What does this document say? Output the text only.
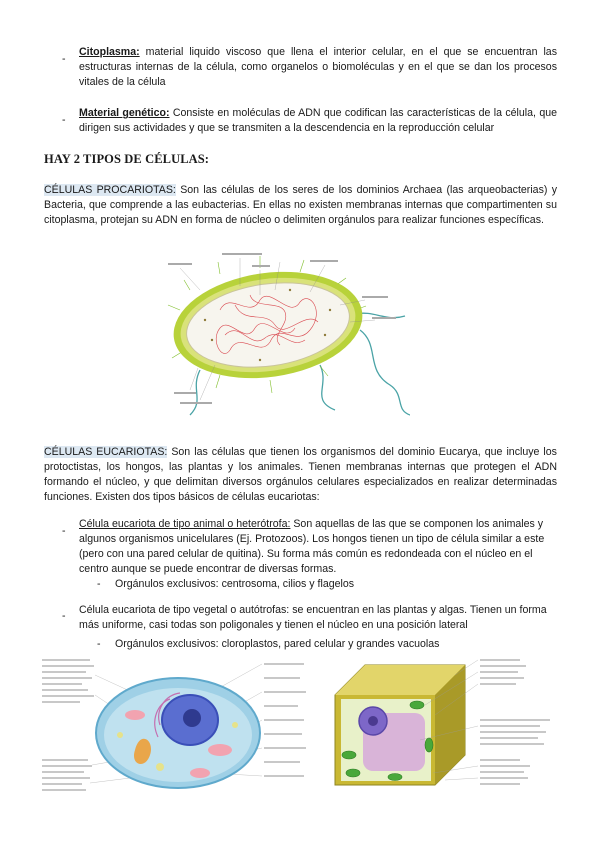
-

Citoplasma: material liquido viscoso que llena el interior celular, en el que se encuentran las estructuras internas de la célula, como organelos o biomoléculas y en el que se dan los procesos vitales de la célula

-

Material genético: Consiste en moléculas de ADN que codifican las características de la célula, que dirigen sus actividades y que se transmiten a la descendencia en la reproducción celular

HAY 2 TIPOS DE CÉLULAS:

CÉLULAS PROCARIOTAS: Son las células de los seres de los dominios Archaea (las arqueobacterias) y Bacteria, que comprende a las eubacterias. En ellas no existen membranas internas que compartimenten su citoplasma, protejan su ADN en forma de núcleo o delimiten orgánulos para realizar funciones específicas.

CÉLULAS EUCARIOTAS: Son las células que tienen los organismos del dominio Eucarya, que incluye los protoctistas, los hongos, las plantas y los animales. Tienen membranas internas que protegen el ADN formando el núcleo, y que delimitan diversos orgánulos celulares especializados en realizar determinadas funciones. Existen dos tipos básicos de células eucariotas:

-

Célula eucariota de tipo animal o heterótrofa: Son aquellas de las que se componen los animales y algunos organismos unicelulares (Ej. Protozoos). Los hongos tienen un tipo de célula similar a este (pero con una pared celular de quitina). Su forma más común es redondeada con el núcleo en el centro aunque se puede encontrar de diversas formas.

- Orgánulos exclusivos: centrosoma, cilios y flagelos
- Célula eucariota de tipo vegetal o autótrofas: se encuentran en las plantas y algas. Tienen un forma más uniforme, casi todas son poligonales y tienen el núcleo en una posición lateral

- Orgánulos exclusivos: cloroplastos, pared celular y grandes vacuolas
